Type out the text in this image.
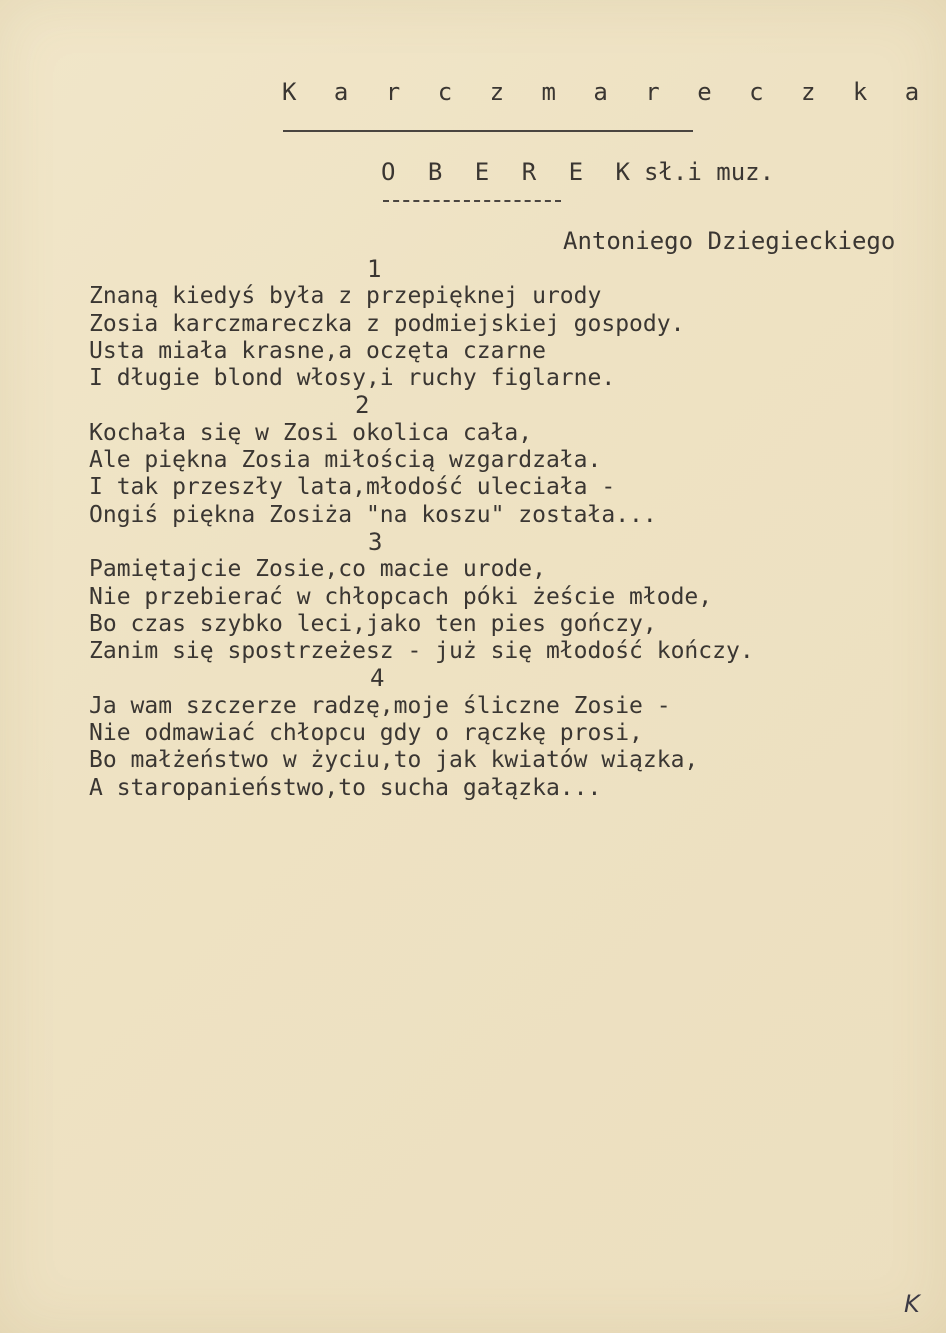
K a r c z m a r e c z k a
O B E R E K sł.i muz.
Antoniego Dziegieckiego
1
Znaną kiedyś była z przepięknej urody
Zosia karczmareczka z podmiejskiej gospody.
Usta miała krasne,a oczęta czarne
I długie blond włosy,i ruchy figlarne.
2
Kochała się w Zosi okolica cała,
Ale piękna Zosia miłością wzgardzała.
I tak przeszły lata,młodość uleciała -
Ongiś piękna Zosiża "na koszu" została...
3
Pamiętajcie Zosie,co macie urode,
Nie przebierać w chłopcach póki żeście młode,
Bo czas szybko leci,jako ten pies gończy,
Zanim się spostrzeżesz - już się młodość kończy.
4
Ja wam szczerze radzę,moje śliczne Zosie -
Nie odmawiać chłopcu gdy o rączkę prosi,
Bo małżeństwo w życiu,to jak kwiatów wiązka,
A staropanieństwo,to sucha gałązka...
K
